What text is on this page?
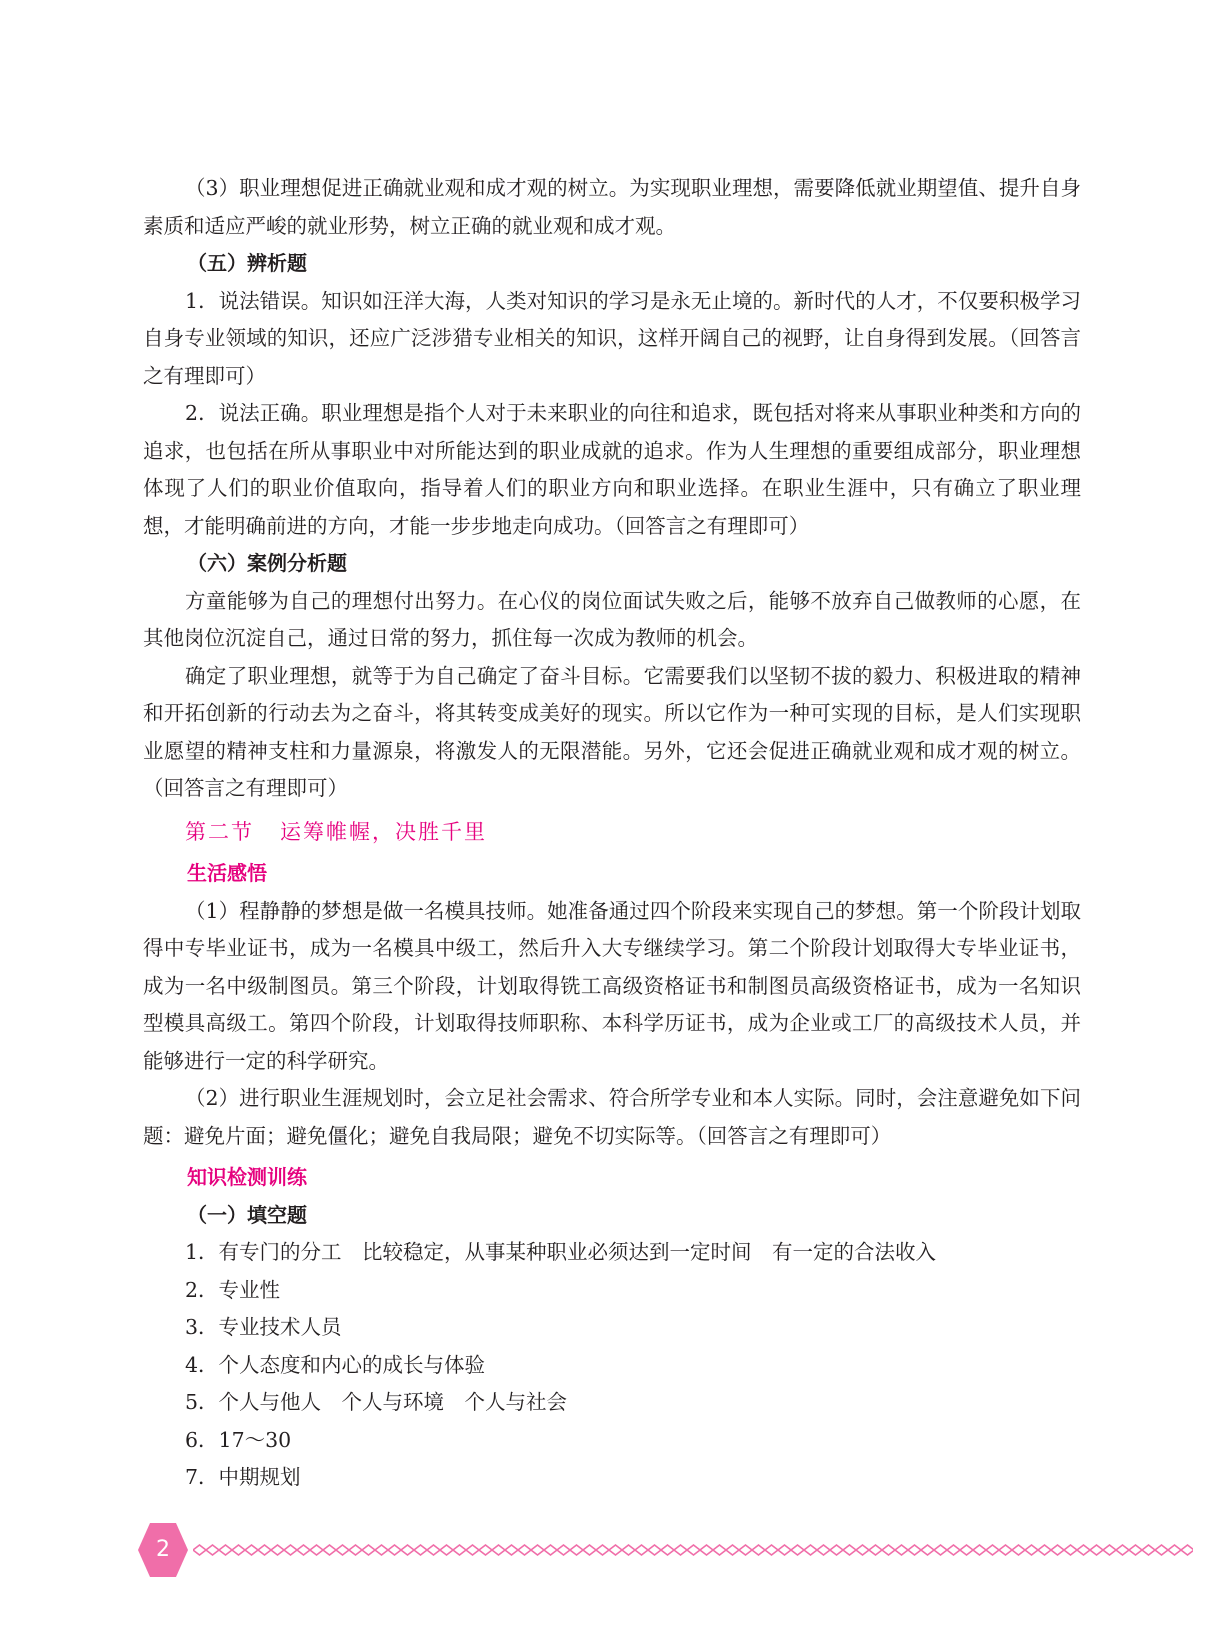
（3）职业理想促进正确就业观和成才观的树立。为实现职业理想，需要降低就业期望值、提升自身素质和适应严峻的就业形势，树立正确的就业观和成才观。

（五）辨析题

1．说法错误。知识如汪洋大海，人类对知识的学习是永无止境的。新时代的人才，不仅要积极学习自身专业领域的知识，还应广泛涉猎专业相关的知识，这样开阔自己的视野，让自身得到发展。（回答言之有理即可）

2．说法正确。职业理想是指个人对于未来职业的向往和追求，既包括对将来从事职业种类和方向的追求，也包括在所从事职业中对所能达到的职业成就的追求。作为人生理想的重要组成部分，职业理想体现了人们的职业价值取向，指导着人们的职业方向和职业选择。在职业生涯中，只有确立了职业理想，才能明确前进的方向，才能一步步地走向成功。（回答言之有理即可）

（六）案例分析题

方童能够为自己的理想付出努力。在心仪的岗位面试失败之后，能够不放弃自己做教师的心愿，在其他岗位沉淀自己，通过日常的努力，抓住每一次成为教师的机会。

确定了职业理想，就等于为自己确定了奋斗目标。它需要我们以坚韧不拔的毅力、积极进取的精神和开拓创新的行动去为之奋斗，将其转变成美好的现实。所以它作为一种可实现的目标，是人们实现职业愿望的精神支柱和力量源泉，将激发人的无限潜能。另外，它还会促进正确就业观和成才观的树立。（回答言之有理即可）

第二节 运筹帷幄，决胜千里

生活感悟

（1）程静静的梦想是做一名模具技师。她准备通过四个阶段来实现自己的梦想。第一个阶段计划取得中专毕业证书，成为一名模具中级工，然后升入大专继续学习。第二个阶段计划取得大专毕业证书，成为一名中级制图员。第三个阶段，计划取得铣工高级资格证书和制图员高级资格证书，成为一名知识型模具高级工。第四个阶段，计划取得技师职称、本科学历证书，成为企业或工厂的高级技术人员，并能够进行一定的科学研究。

（2）进行职业生涯规划时，会立足社会需求、符合所学专业和本人实际。同时，会注意避免如下问题：避免片面；避免僵化；避免自我局限；避免不切实际等。（回答言之有理即可）

知识检测训练

（一）填空题

1．有专门的分工　比较稳定，从事某种职业必须达到一定时间　有一定的合法收入

2．专业性

3．专业技术人员

4．个人态度和内心的成长与体验

5．个人与他人　个人与环境　个人与社会

6．17～30

7．中期规划

2
